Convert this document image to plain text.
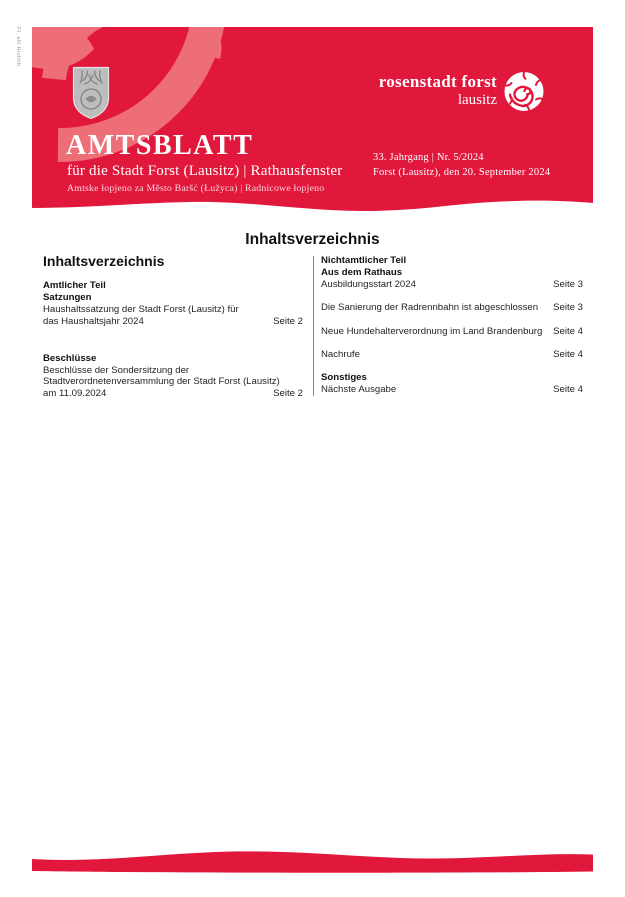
Fl. alli Hiuhnb
AMTSBLATT
für die Stadt Forst (Lausitz) | Rathausfenster
Amtske łopjeno za Město Baršć (Łužyca) | Radnicowe łopjeno
rosenstadt forst
lausitz
33. Jahrgang | Nr. 5/2024
Forst (Lausitz), den 20. September 2024
Inhaltsverzeichnis
Inhaltsverzeichnis
Amtlicher Teil
Satzungen
Haushaltssatzung der Stadt Forst (Lausitz) für
das Haushaltsjahr 2024	Seite 2
Beschlüsse
Beschlüsse der Sondersitzung der
Stadtverordnetenversammlung der Stadt Forst (Lausitz)
am 11.09.2024	Seite 2
Nichtamtlicher Teil
Aus dem Rathaus
Ausbildungsstart 2024	Seite 3
Die Sanierung der Radrennbahn ist abgeschlossen Seite 3
Neue Hundehalterverordnung im Land Brandenburg Seite 4
Nachrufe	Seite 4
Sonstiges
Nächste Ausgabe	Seite 4
